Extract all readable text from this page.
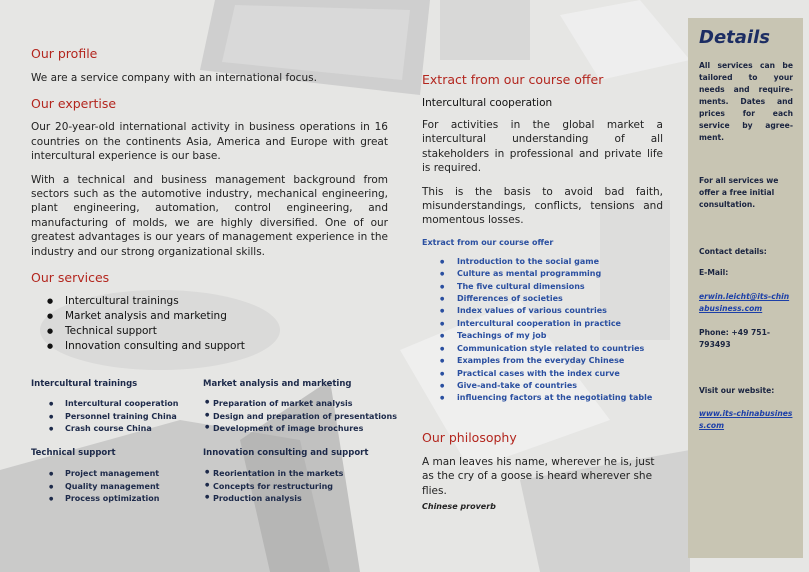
Our profile

We are a service company with an international focus.

Our expertise

Our 20-year-old international activity in business operations in 16 countries on the continents Asia, America and Europe with great intercultural experience is our base.

With a technical and business management background from sectors such as the automotive industry, mechanical engineering, plant engineering, automation, control engineering, and manufacturing of molds, we are highly diversified. One of our greatest advantages is our years of management experience in the industry and our strong organizational skills.

Our services
● Intercultural trainings
● Market analysis and marketing
● Technical support
● Innovation consulting and support
Intercultural trainings
● Intercultural cooperation
● Personnel training China
● Crash course China
Technical support
● Project management
● Quality management
● Process optimization
Market analysis and marketing
● Preparation of market analysis
● Design and preparation of presentations
● Development of image brochures
Innovation consulting and support
● Reorientation in the markets
● Concepts for restructuring
● Production analysis
Extract from our course offer
Intercultural cooperation

For activities in the global market a intercultural understanding of all stakeholders in professional and private life is required.

This is the basis to avoid bad faith, misunderstandings, conflicts, tensions and momentous losses.

Extract from our course offer
● Introduction to the social game
● Culture as mental programming
● The five cultural dimensions
● Differences of societies
● Index values of various countries
● Intercultural cooperation in practice
● Teachings of my job
● Communication style related to countries
● Examples from the everyday Chinese
● Practical cases with the index curve
● Give-and-take of countries
● influencing factors at the negotiating table
Our philosophy

A man leaves his name, wherever he is, just as the cry of a goose is heard wherever she flies.

Chinese proverb
Details
All services can be tailored to your needs and require-ments. Dates and prices for each service by agree-ment.
For all services we offer a free initial consultation.
Contact details:
E-Mail:
erwin.leicht@its-chinabusiness.com
Phone: +49 751-793493
Visit our website:
www.its-chinabusiness.com
